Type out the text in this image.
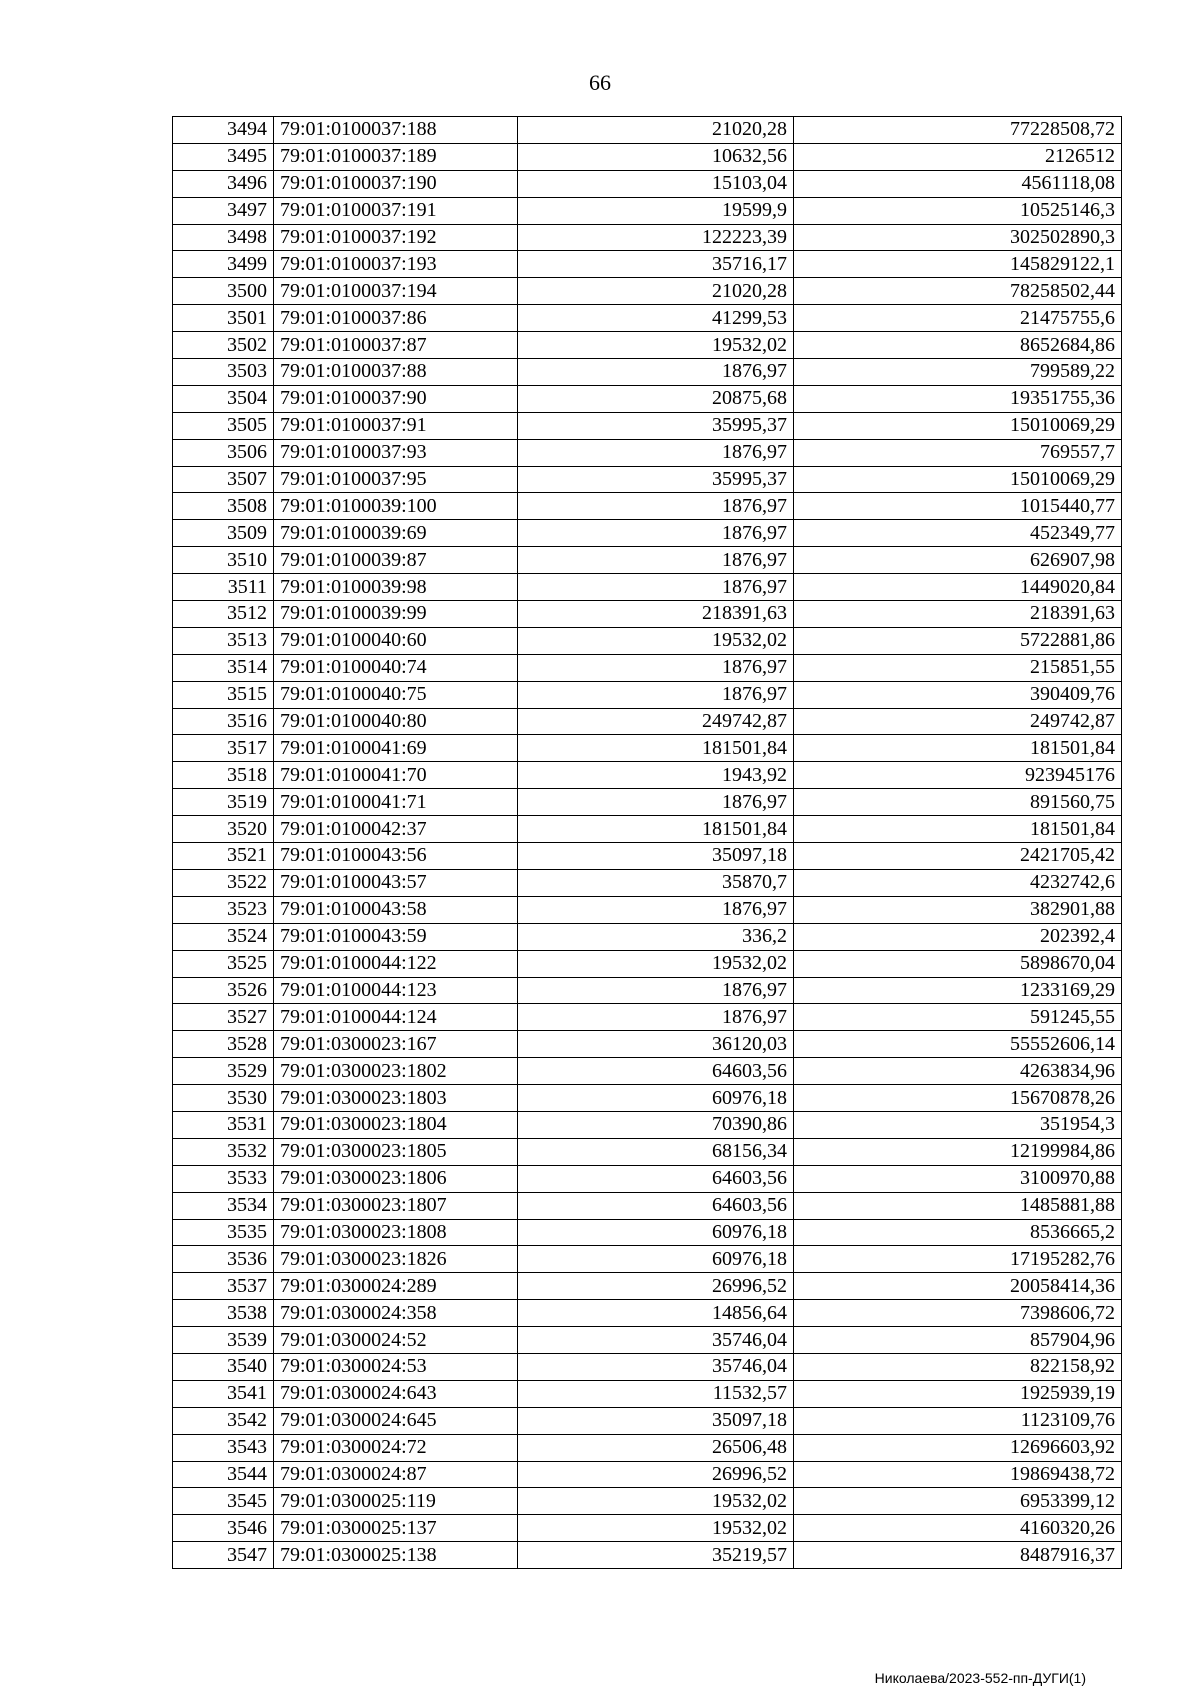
66
3494	79:01:0100037:188	21020,28	77228508,72
3495	79:01:0100037:189	10632,56	2126512
3496	79:01:0100037:190	15103,04	4561118,08
3497	79:01:0100037:191	19599,9	10525146,3
3498	79:01:0100037:192	122223,39	302502890,3
3499	79:01:0100037:193	35716,17	145829122,1
3500	79:01:0100037:194	21020,28	78258502,44
3501	79:01:0100037:86	41299,53	21475755,6
3502	79:01:0100037:87	19532,02	8652684,86
3503	79:01:0100037:88	1876,97	799589,22
3504	79:01:0100037:90	20875,68	19351755,36
3505	79:01:0100037:91	35995,37	15010069,29
3506	79:01:0100037:93	1876,97	769557,7
3507	79:01:0100037:95	35995,37	15010069,29
3508	79:01:0100039:100	1876,97	1015440,77
3509	79:01:0100039:69	1876,97	452349,77
3510	79:01:0100039:87	1876,97	626907,98
3511	79:01:0100039:98	1876,97	1449020,84
3512	79:01:0100039:99	218391,63	218391,63
3513	79:01:0100040:60	19532,02	5722881,86
3514	79:01:0100040:74	1876,97	215851,55
3515	79:01:0100040:75	1876,97	390409,76
3516	79:01:0100040:80	249742,87	249742,87
3517	79:01:0100041:69	181501,84	181501,84
3518	79:01:0100041:70	1943,92	923945176
3519	79:01:0100041:71	1876,97	891560,75
3520	79:01:0100042:37	181501,84	181501,84
3521	79:01:0100043:56	35097,18	2421705,42
3522	79:01:0100043:57	35870,7	4232742,6
3523	79:01:0100043:58	1876,97	382901,88
3524	79:01:0100043:59	336,2	202392,4
3525	79:01:0100044:122	19532,02	5898670,04
3526	79:01:0100044:123	1876,97	1233169,29
3527	79:01:0100044:124	1876,97	591245,55
3528	79:01:0300023:167	36120,03	55552606,14
3529	79:01:0300023:1802	64603,56	4263834,96
3530	79:01:0300023:1803	60976,18	15670878,26
3531	79:01:0300023:1804	70390,86	351954,3
3532	79:01:0300023:1805	68156,34	12199984,86
3533	79:01:0300023:1806	64603,56	3100970,88
3534	79:01:0300023:1807	64603,56	1485881,88
3535	79:01:0300023:1808	60976,18	8536665,2
3536	79:01:0300023:1826	60976,18	17195282,76
3537	79:01:0300024:289	26996,52	20058414,36
3538	79:01:0300024:358	14856,64	7398606,72
3539	79:01:0300024:52	35746,04	857904,96
3540	79:01:0300024:53	35746,04	822158,92
3541	79:01:0300024:643	11532,57	1925939,19
3542	79:01:0300024:645	35097,18	1123109,76
3543	79:01:0300024:72	26506,48	12696603,92
3544	79:01:0300024:87	26996,52	19869438,72
3545	79:01:0300025:119	19532,02	6953399,12
3546	79:01:0300025:137	19532,02	4160320,26
3547	79:01:0300025:138	35219,57	8487916,37
Николаева/2023-552-пп-ДУГИ(1)
